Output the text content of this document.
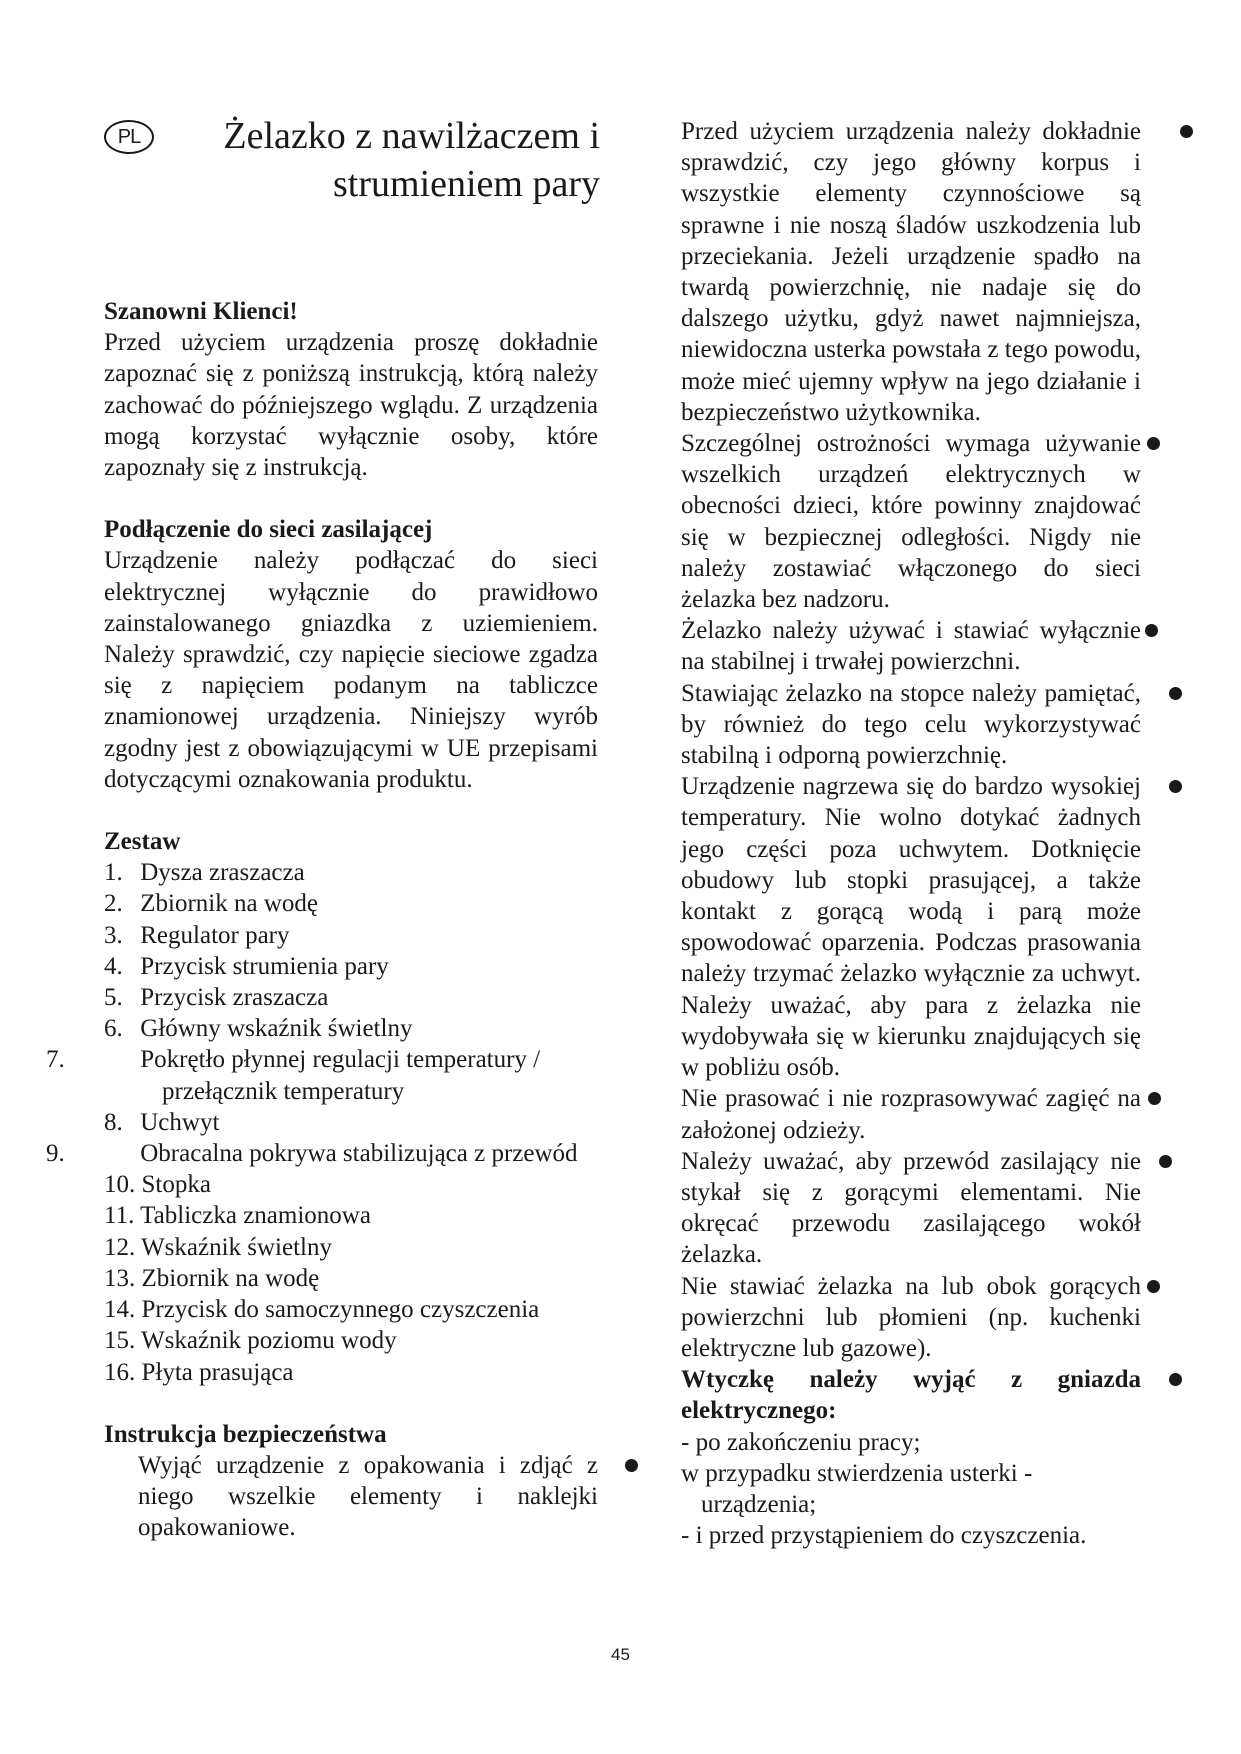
PL	Żelazko z nawilżaczem i
strumieniem pary
Szanowni Klienci!
Przed użyciem urządzenia proszę dokładnie zapoznać się z poniższą instrukcją, którą należy zachować do późniejszego wglądu. Z urządzenia mogą korzystać wyłącznie osoby, które zapoznały się z instrukcją.
Podłączenie do sieci zasilającej
Urządzenie należy podłączać do sieci elektrycznej wyłącznie do prawidłowo zainstalowanego gniazdka z uziemieniem. Należy sprawdzić, czy napięcie sieciowe zgadza się z napięciem podanym na tabliczce znamionowej urządzenia. Niniejszy wyrób zgodny jest z obowiązującymi w UE przepisami dotyczącymi oznakowania produktu.
Zestaw
1. Dysza zraszacza
2. Zbiornik na wodę
3. Regulator pary
4. Przycisk strumienia pary
5. Przycisk zraszacza
6. Główny wskaźnik świetlny
7.	Pokrętło płynnej regulacji temperatury / przełącznik temperatury
8. Uchwyt
9.	Obracalna pokrywa stabilizująca z przewód
10. Stopka
11. Tabliczka znamionowa
12. Wskaźnik świetlny
13. Zbiornik na wodę
14. Przycisk do samoczynnego czyszczenia
15. Wskaźnik poziomu wody
16. Płyta prasująca
Instrukcja bezpieczeństwa
Wyjąć urządzenie z opakowania i zdjąć z niego wszelkie elementy i naklejki opakowaniowe.
Przed użyciem urządzenia należy dokładnie sprawdzić, czy jego główny korpus i wszystkie elementy czynnościowe są sprawne i nie noszą śladów uszkodzenia lub przeciekania. Jeżeli urządzenie spadło na twardą powierzchnię, nie nadaje się do dalszego użytku, gdyż nawet najmniejsza, niewidoczna usterka powstała z tego powodu, może mieć ujemny wpływ na jego działanie i bezpieczeństwo użytkownika.
Szczególnej ostrożności wymaga używanie wszelkich urządzeń elektrycznych w obecności dzieci, które powinny znajdować się w bezpiecznej odległości. Nigdy nie należy zostawiać włączonego do sieci żelazka bez nadzoru.
Żelazko należy używać i stawiać wyłącznie na stabilnej i trwałej powierzchni.
Stawiając żelazko na stopce należy pamiętać, by również do tego celu wykorzystywać stabilną i odporną powierzchnię.
Urządzenie nagrzewa się do bardzo wysokiej temperatury. Nie wolno dotykać żadnych jego części poza uchwytem. Dotknięcie obudowy lub stopki prasującej, a także kontakt z gorącą wodą i parą może spowodować oparzenia. Podczas prasowania należy trzymać żelazko wyłącznie za uchwyt. Należy uważać, aby para z żelazka nie wydobywała się w kierunku znajdujących się w pobliżu osób.
Nie prasować i nie rozprasowywać zagięć na założonej odzieży.
Należy uważać, aby przewód zasilający nie stykał się z gorącymi elementami. Nie okręcać przewodu zasilającego wokół żelazka.
Nie stawiać żelazka na lub obok gorących powierzchni lub płomieni (np. kuchenki elektryczne lub gazowe).
Wtyczkę należy wyjąć z gniazda elektrycznego:
- po zakończeniu pracy;
w przypadku stwierdzenia usterki - urządzenia;
- i przed przystąpieniem do czyszczenia.
45
